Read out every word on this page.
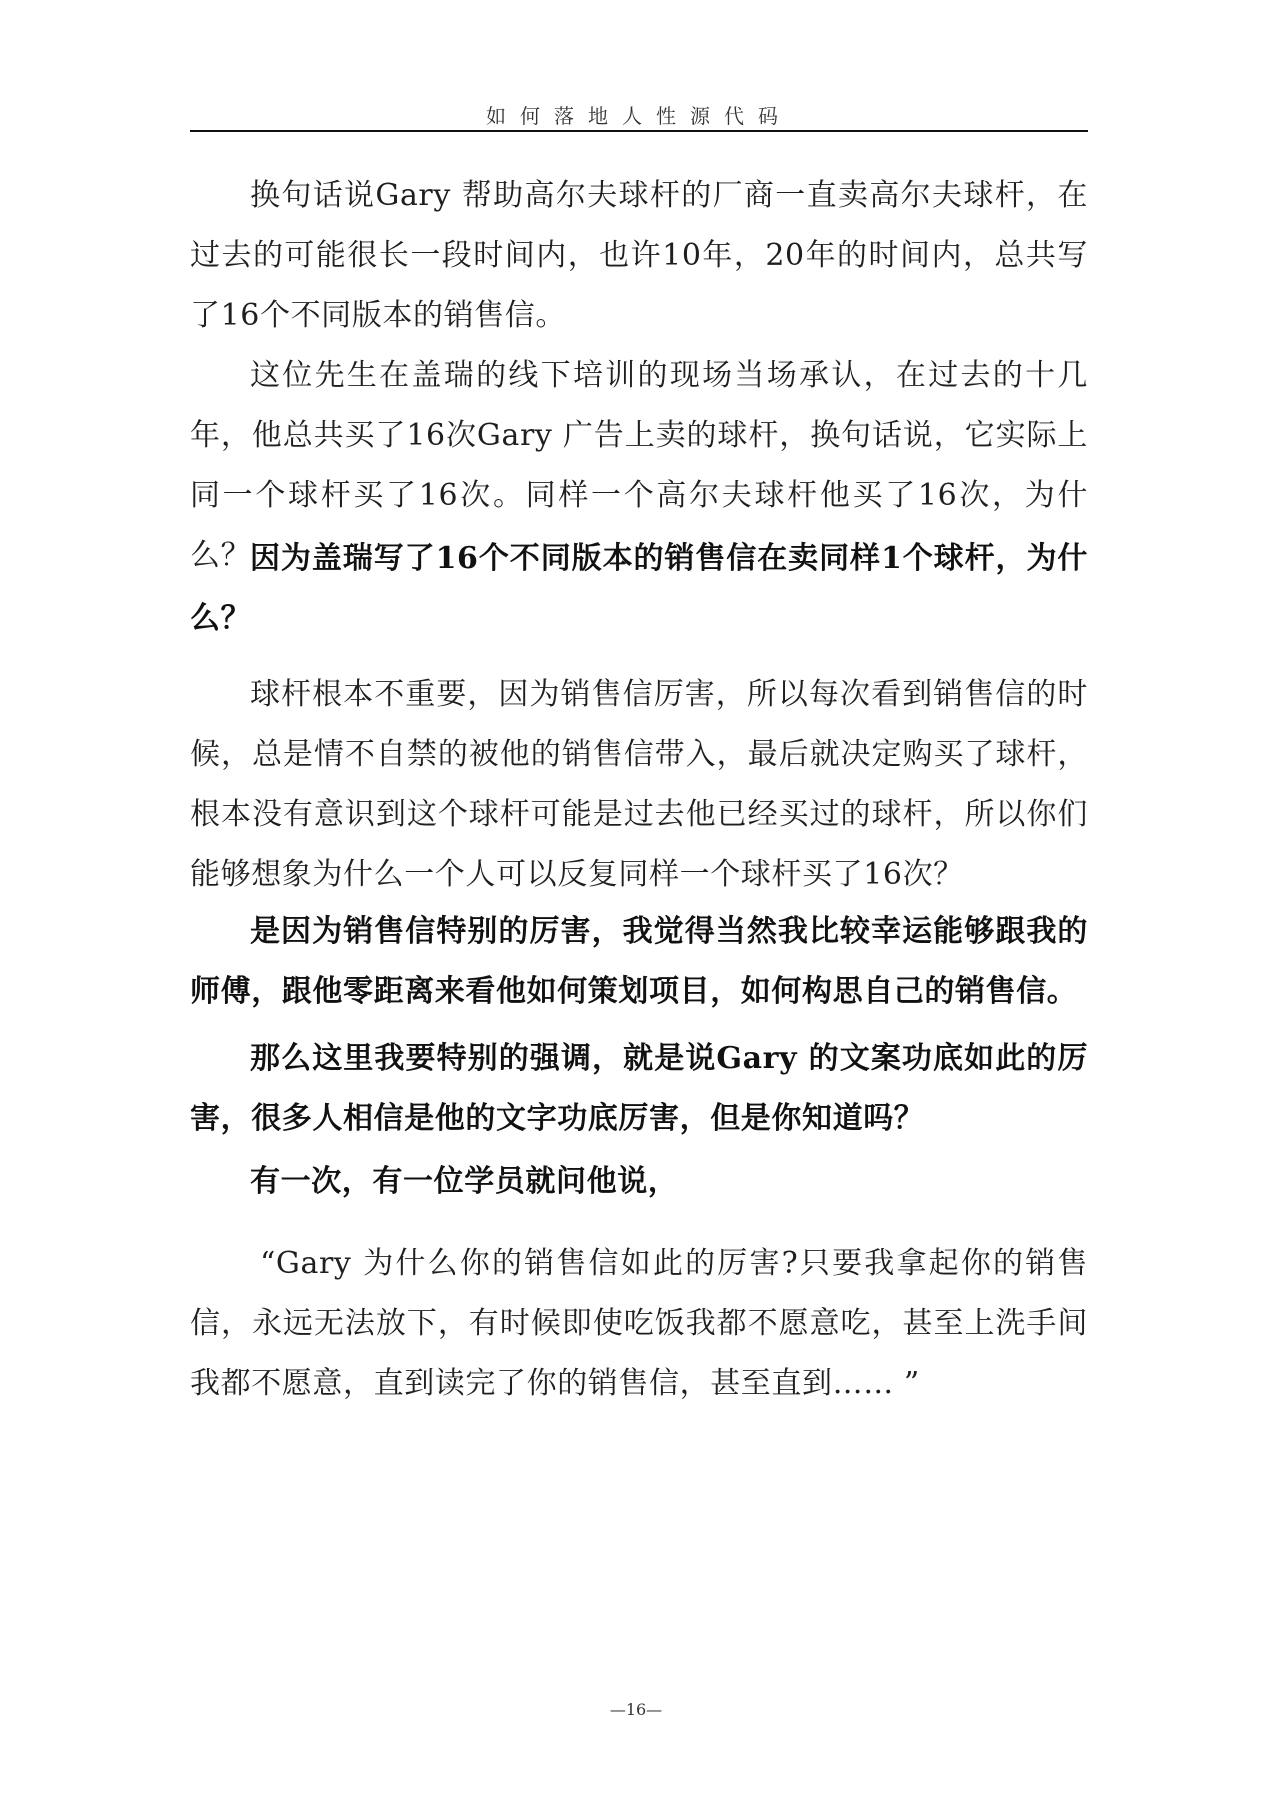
如何落地人性源代码

换句话说Gary 帮助高尔夫球杆的厂商一直卖高尔夫球杆，在过去的可能很长一段时间内，也许10年，20年的时间内，总共写了16个不同版本的销售信。

这位先生在盖瑞的线下培训的现场当场承认，在过去的十几年，他总共买了16次Gary 广告上卖的球杆，换句话说，它实际上同一个球杆买了16次。同样一个高尔夫球杆他买了16次，为什么？

因为盖瑞写了16个不同版本的销售信在卖同样1个球杆，为什么？

球杆根本不重要，因为销售信厉害，所以每次看到销售信的时候，总是情不自禁的被他的销售信带入，最后就决定购买了球杆，根本没有意识到这个球杆可能是过去他已经买过的球杆，所以你们能够想象为什么一个人可以反复同样一个球杆买了16次？

是因为销售信特别的厉害，我觉得当然我比较幸运能够跟我的师傅，跟他零距离来看他如何策划项目，如何构思自己的销售信。

那么这里我要特别的强调，就是说Gary 的文案功底如此的厉害，很多人相信是他的文字功底厉害，但是你知道吗？

有一次，有一位学员就问他说，

“Gary 为什么你的销售信如此的厉害?只要我拿起你的销售信，永远无法放下，有时候即使吃饭我都不愿意吃，甚至上洗手间我都不愿意，直到读完了你的销售信，甚至直到…… ”

—16—
